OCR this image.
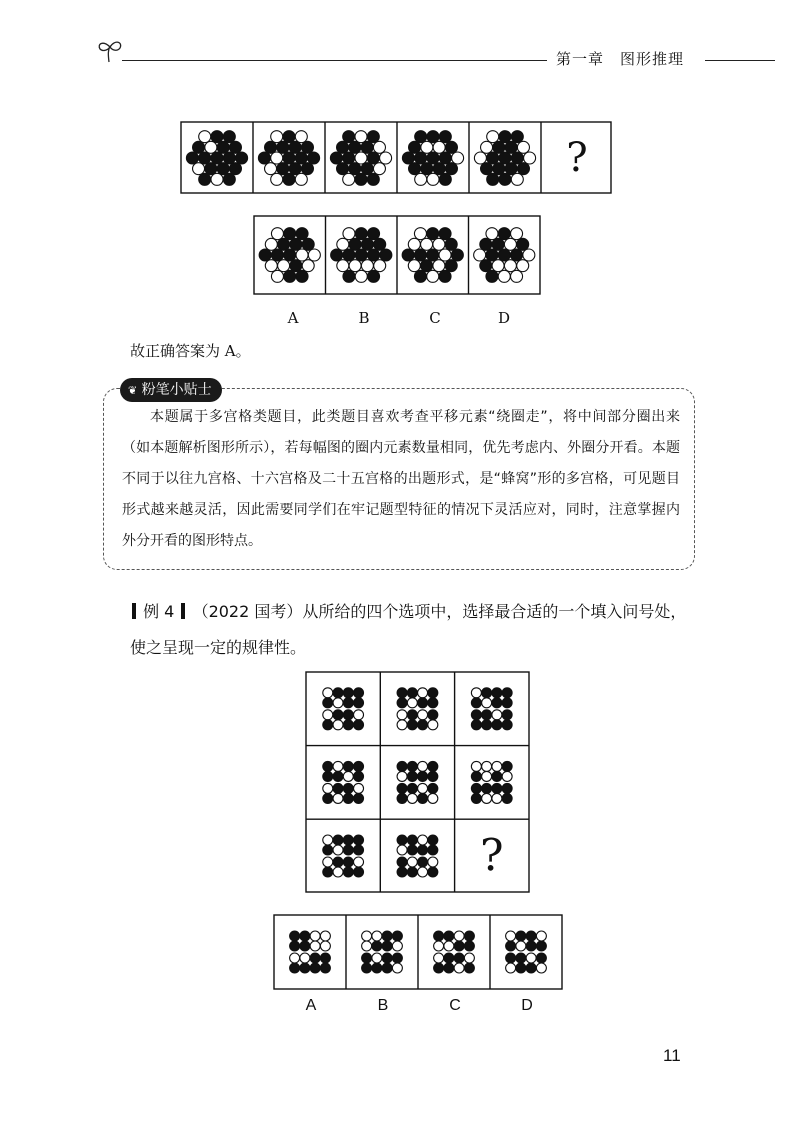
第一章　图形推理
?
A	B	C	D
故正确答案为 A。
❦ 粉笔小贴士

本题属于多宫格类题目，此类题目喜欢考查平移元素“绕圈走”，将中间部分圈出来（如本题解析图形所示），若每幅图的圈内元素数量相同，优先考虑内、外圈分开看。本题不同于以往九宫格、十六宫格及二十五宫格的出题形式，是“蜂窝”形的多宫格，可见题目形式越来越灵活，因此需要同学们在牢记题型特征的情况下灵活应对，同时，注意掌握内外分开看的图形特点。

例 4 （2022 国考）从所给的四个选项中，选择最合适的一个填入问号处，使之呈现一定的规律性。

?
A	B	C	D
11
